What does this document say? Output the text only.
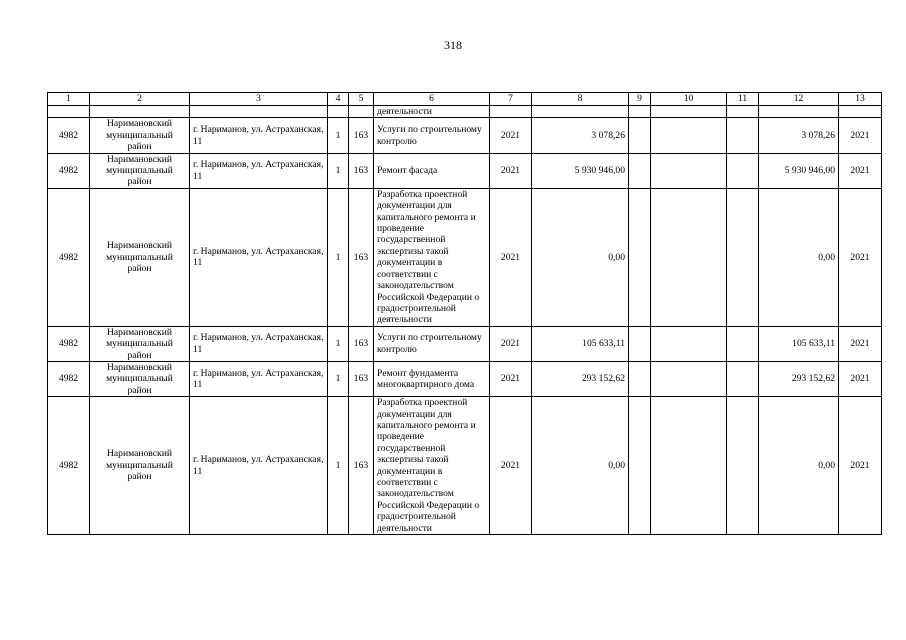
318
1	2	3	4	5	6	7	8	9	10	11	12	13
					деятельности							
4982	Наримановский муниципальный район	г. Нариманов, ул. Астраханская, 11	1	163	Услуги по строительному контролю	2021	3 078,26				3 078,26	2021
4982	Наримановский муниципальный район	г. Нариманов, ул. Астраханская, 11	1	163	Ремонт фасада	2021	5 930 946,00				5 930 946,00	2021
4982	Наримановский муниципальный район	г. Нариманов, ул. Астраханская, 11	1	163	Разработка проектной документации для капитального ремонта и проведение государственной экспертизы такой документации в соответствии с законодательством Российской Федерации о градостроительной деятельности	2021	0,00				0,00	2021
4982	Наримановский муниципальный район	г. Нариманов, ул. Астраханская, 11	1	163	Услуги по строительному контролю	2021	105 633,11				105 633,11	2021
4982	Наримановский муниципальный район	г. Нариманов, ул. Астраханская, 11	1	163	Ремонт фундамента многоквартирного дома	2021	293 152,62				293 152,62	2021
4982	Наримановский муниципальный район	г. Нариманов, ул. Астраханская, 11	1	163	Разработка проектной документации для капитального ремонта и проведение государственной экспертизы такой документации в соответствии с законодательством Российской Федерации о градостроительной деятельности	2021	0,00				0,00	2021
